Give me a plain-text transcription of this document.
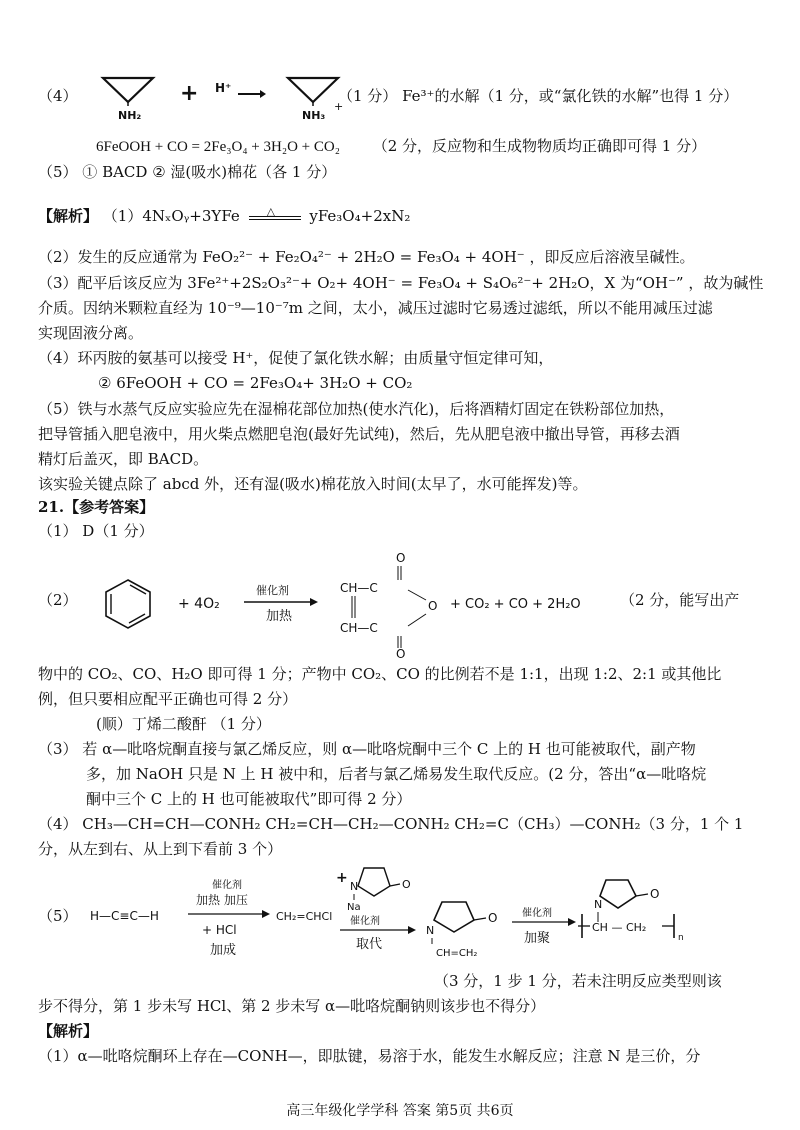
（4）
NH₂
+ H⁺
NH₃
+
（1 分） Fe³⁺的水解（1 分，或“氯化铁的水解”也得 1 分）
6FeOOH + CO = 2Fe₃O₄ + 3H₂O + CO₂ （2 分，反应物和生成物物质均正确即可得 1 分）
（5） ① BACD ② 湿(吸水)棉花（各 1 分）
【解析】 （1）4NₓOᵧ+3YFe △ yFe₃O₄+2xN₂
（2）发生的反应通常为 FeO₂²⁻ + Fe₂O₄²⁻ + 2H₂O = Fe₃O₄ + 4OH⁻ ，即反应后溶液呈碱性。
（3）配平后该反应为 3Fe²⁺+2S₂O₃²⁻+ O₂+ 4OH⁻ = Fe₃O₄ + S₄O₆²⁻+ 2H₂O，X 为“OH⁻” ，故为碱性
介质。因纳米颗粒直经为 10⁻⁹—10⁻⁷m 之间，太小，减压过滤时它易透过滤纸，所以不能用减压过滤
实现固液分离。
（4）环丙胺的氨基可以接受 H⁺，促使了氯化铁水解；由质量守恒定律可知，
② 6FeOOH + CO = 2Fe₃O₄+ 3H₂O + CO₂
（5）铁与水蒸气反应实验应先在湿棉花部位加热(使水汽化)，后将酒精灯固定在铁粉部位加热，
把导管插入肥皂液中，用火柴点燃肥皂泡(最好先试纯)，然后，先从肥皂液中撤出导管，再移去酒
精灯后盖灭，即 BACD。
该实验关键点除了 abcd 外，还有湿(吸水)棉花放入时间(太早了，水可能挥发)等。
21.【参考答案】
（1） D（1 分）
（2）	+ 4O₂
催化剂
加热
O
CH—C
O
CH—C
O
+ CO₂ + CO + 2H₂O	（2 分，能写出产
物中的 CO₂、CO、H₂O 即可得 1 分；产物中 CO₂、CO 的比例若不是 1:1，出现 1:2、2:1 或其他比
例，但只要相应配平正确也可得 2 分）
(顺）丁烯二酸酐 （1 分）
（3） 若 α—吡咯烷酮直接与氯乙烯反应，则 α—吡咯烷酮中三个 C 上的 H 也可能被取代，副产物
多，加 NaOH 只是 N 上 H 被中和，后者与氯乙烯易发生取代反应。(2 分，答出“α—吡咯烷
酮中三个 C 上的 H 也可能被取代”即可得 2 分）
（4） CH₃—CH=CH—CONH₂ CH₂=CH—CH₂—CONH₂ CH₂=C（CH₃）—CONH₂（3 分，1 个 1
分，从左到右、从上到下看前 3 个）
（5）	H—C≡C—H
催化剂
加热 加压
+ HCl
加成
CH₂=CHCl
+
N	O
Na
催化剂
取代
N
O
CH=CH₂
催化剂
加聚
N
O
CH — CH₂
n
（3 分，1 步 1 分，若未注明反应类型则该
步不得分，第 1 步未写 HCl、第 2 步未写 α—吡咯烷酮钠则该步也不得分）
【解析】
（1）α—吡咯烷酮环上存在—CONH—，即肽键，易溶于水，能发生水解反应；注意 N 是三价，分
高三年级化学学科 答案 第5页 共6页
